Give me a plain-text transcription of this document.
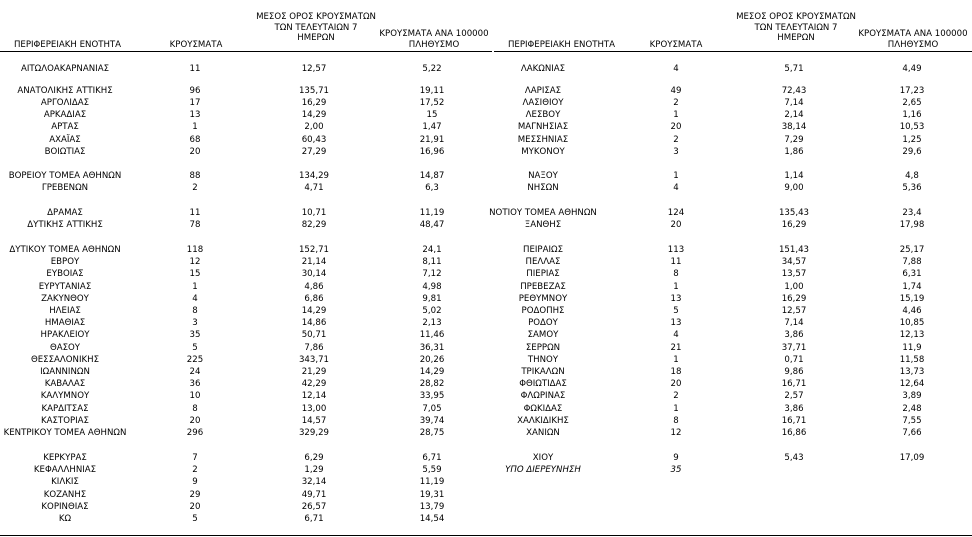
ΠΕΡΙΦΕΡΕΙΑΚΗ ΕΝΟΤΗΤΑ	ΚΡΟΥΣΜΑΤΑ
ΜΕΣΟΣ ΟΡΟΣ ΚΡΟΥΣΜΑΤΩΝ
ΤΩΝ ΤΕΛΕΥΤΑΙΩΝ 7
ΗΜΕΡΩΝ	ΚΡΟΥΣΜΑΤΑ ΑΝΑ 100000
ΠΛΗΘΥΣΜΟ	ΠΕΡΙΦΕΡΕΙΑΚΗ ΕΝΟΤΗΤΑ	ΚΡΟΥΣΜΑΤΑ
ΜΕΣΟΣ ΟΡΟΣ ΚΡΟΥΣΜΑΤΩΝ
ΤΩΝ ΤΕΛΕΥΤΑΙΩΝ 7
ΗΜΕΡΩΝ	ΚΡΟΥΣΜΑΤΑ ΑΝΑ 100000
ΠΛΗΘΥΣΜΟ
ΑΙΤΩΛΟΑΚΑΡΝΑΝΙΑΣ	11	12,57	5,22
ΑΝΑΤΟΛΙΚΗΣ ΑΤΤΙΚΗΣ	96	135,71	19,11
ΑΡΓΟΛΙΔΑΣ	17	16,29	17,52
ΑΡΚΑΔΙΑΣ	13	14,29	15
ΑΡΤΑΣ	1	2,00	1,47
ΑΧΑΪΑΣ	68	60,43	21,91
ΒΟΙΩΤΙΑΣ	20	27,29	16,96
ΒΟΡΕΙΟΥ ΤΟΜΕΑ ΑΘΗΝΩΝ	88	134,29	14,87
ΓΡΕΒΕΝΩΝ	2	4,71	6,3
ΔΡΑΜΑΣ	11	10,71	11,19
ΔΥΤΙΚΗΣ ΑΤΤΙΚΗΣ	78	82,29	48,47
ΔΥΤΙΚΟΥ ΤΟΜΕΑ ΑΘΗΝΩΝ	118	152,71	24,1
ΕΒΡΟΥ	12	21,14	8,11
ΕΥΒΟΙΑΣ	15	30,14	7,12
ΕΥΡΥΤΑΝΙΑΣ	1	4,86	4,98
ΖΑΚΥΝΘΟΥ	4	6,86	9,81
ΗΛΕΙΑΣ	8	14,29	5,02
ΗΜΑΘΙΑΣ	3	14,86	2,13
ΗΡΑΚΛΕΙΟΥ	35	50,71	11,46
ΘΑΣΟΥ	5	7,86	36,31
ΘΕΣΣΑΛΟΝΙΚΗΣ	225	343,71	20,26
ΙΩΑΝΝΙΝΩΝ	24	21,29	14,29
ΚΑΒΑΛΑΣ	36	42,29	28,82
ΚΑΛΥΜΝΟΥ	10	12,14	33,95
ΚΑΡΔΙΤΣΑΣ	8	13,00	7,05
ΚΑΣΤΟΡΙΑΣ	20	14,57	39,74
ΚΕΝΤΡΙΚΟΥ ΤΟΜΕΑ ΑΘΗΝΩΝ	296	329,29	28,75
ΚΕΡΚΥΡΑΣ	7	6,29	6,71
ΚΕΦΑΛΛΗΝΙΑΣ	2	1,29	5,59
ΚΙΛΚΙΣ	9	32,14	11,19
ΚΟΖΑΝΗΣ	29	49,71	19,31
ΚΟΡΙΝΘΙΑΣ	20	26,57	13,79
ΚΩ	5	6,71	14,54
ΛΑΚΩΝΙΑΣ	4	5,71	4,49
ΛΑΡΙΣΑΣ	49	72,43	17,23
ΛΑΣΙΘΙΟΥ	2	7,14	2,65
ΛΕΣΒΟΥ	1	2,14	1,16
ΜΑΓΝΗΣΙΑΣ	20	38,14	10,53
ΜΕΣΣΗΝΙΑΣ	2	7,29	1,25
ΜΥΚΟΝΟΥ	3	1,86	29,6
ΝΑΞΟΥ	1	1,14	4,8
ΝΗΣΩΝ	4	9,00	5,36
ΝΟΤΙΟΥ ΤΟΜΕΑ ΑΘΗΝΩΝ	124	135,43	23,4
ΞΑΝΘΗΣ	20	16,29	17,98
ΠΕΙΡΑΙΩΣ	113	151,43	25,17
ΠΕΛΛΑΣ	11	34,57	7,88
ΠΙΕΡΙΑΣ	8	13,57	6,31
ΠΡΕΒΕΖΑΣ	1	1,00	1,74
ΡΕΘΥΜΝΟΥ	13	16,29	15,19
ΡΟΔΟΠΗΣ	5	12,57	4,46
ΡΟΔΟΥ	13	7,14	10,85
ΣΑΜΟΥ	4	3,86	12,13
ΣΕΡΡΩΝ	21	37,71	11,9
ΤΗΝΟΥ	1	0,71	11,58
ΤΡΙΚΑΛΩΝ	18	9,86	13,73
ΦΘΙΩΤΙΔΑΣ	20	16,71	12,64
ΦΛΩΡΙΝΑΣ	2	2,57	3,89
ΦΩΚΙΔΑΣ	1	3,86	2,48
ΧΑΛΚΙΔΙΚΗΣ	8	16,71	7,55
ΧΑΝΙΩΝ	12	16,86	7,66
ΧΙΟΥ	9	5,43	17,09
ΥΠΟ ΔΙΕΡΕΥΝΗΣΗ	35
